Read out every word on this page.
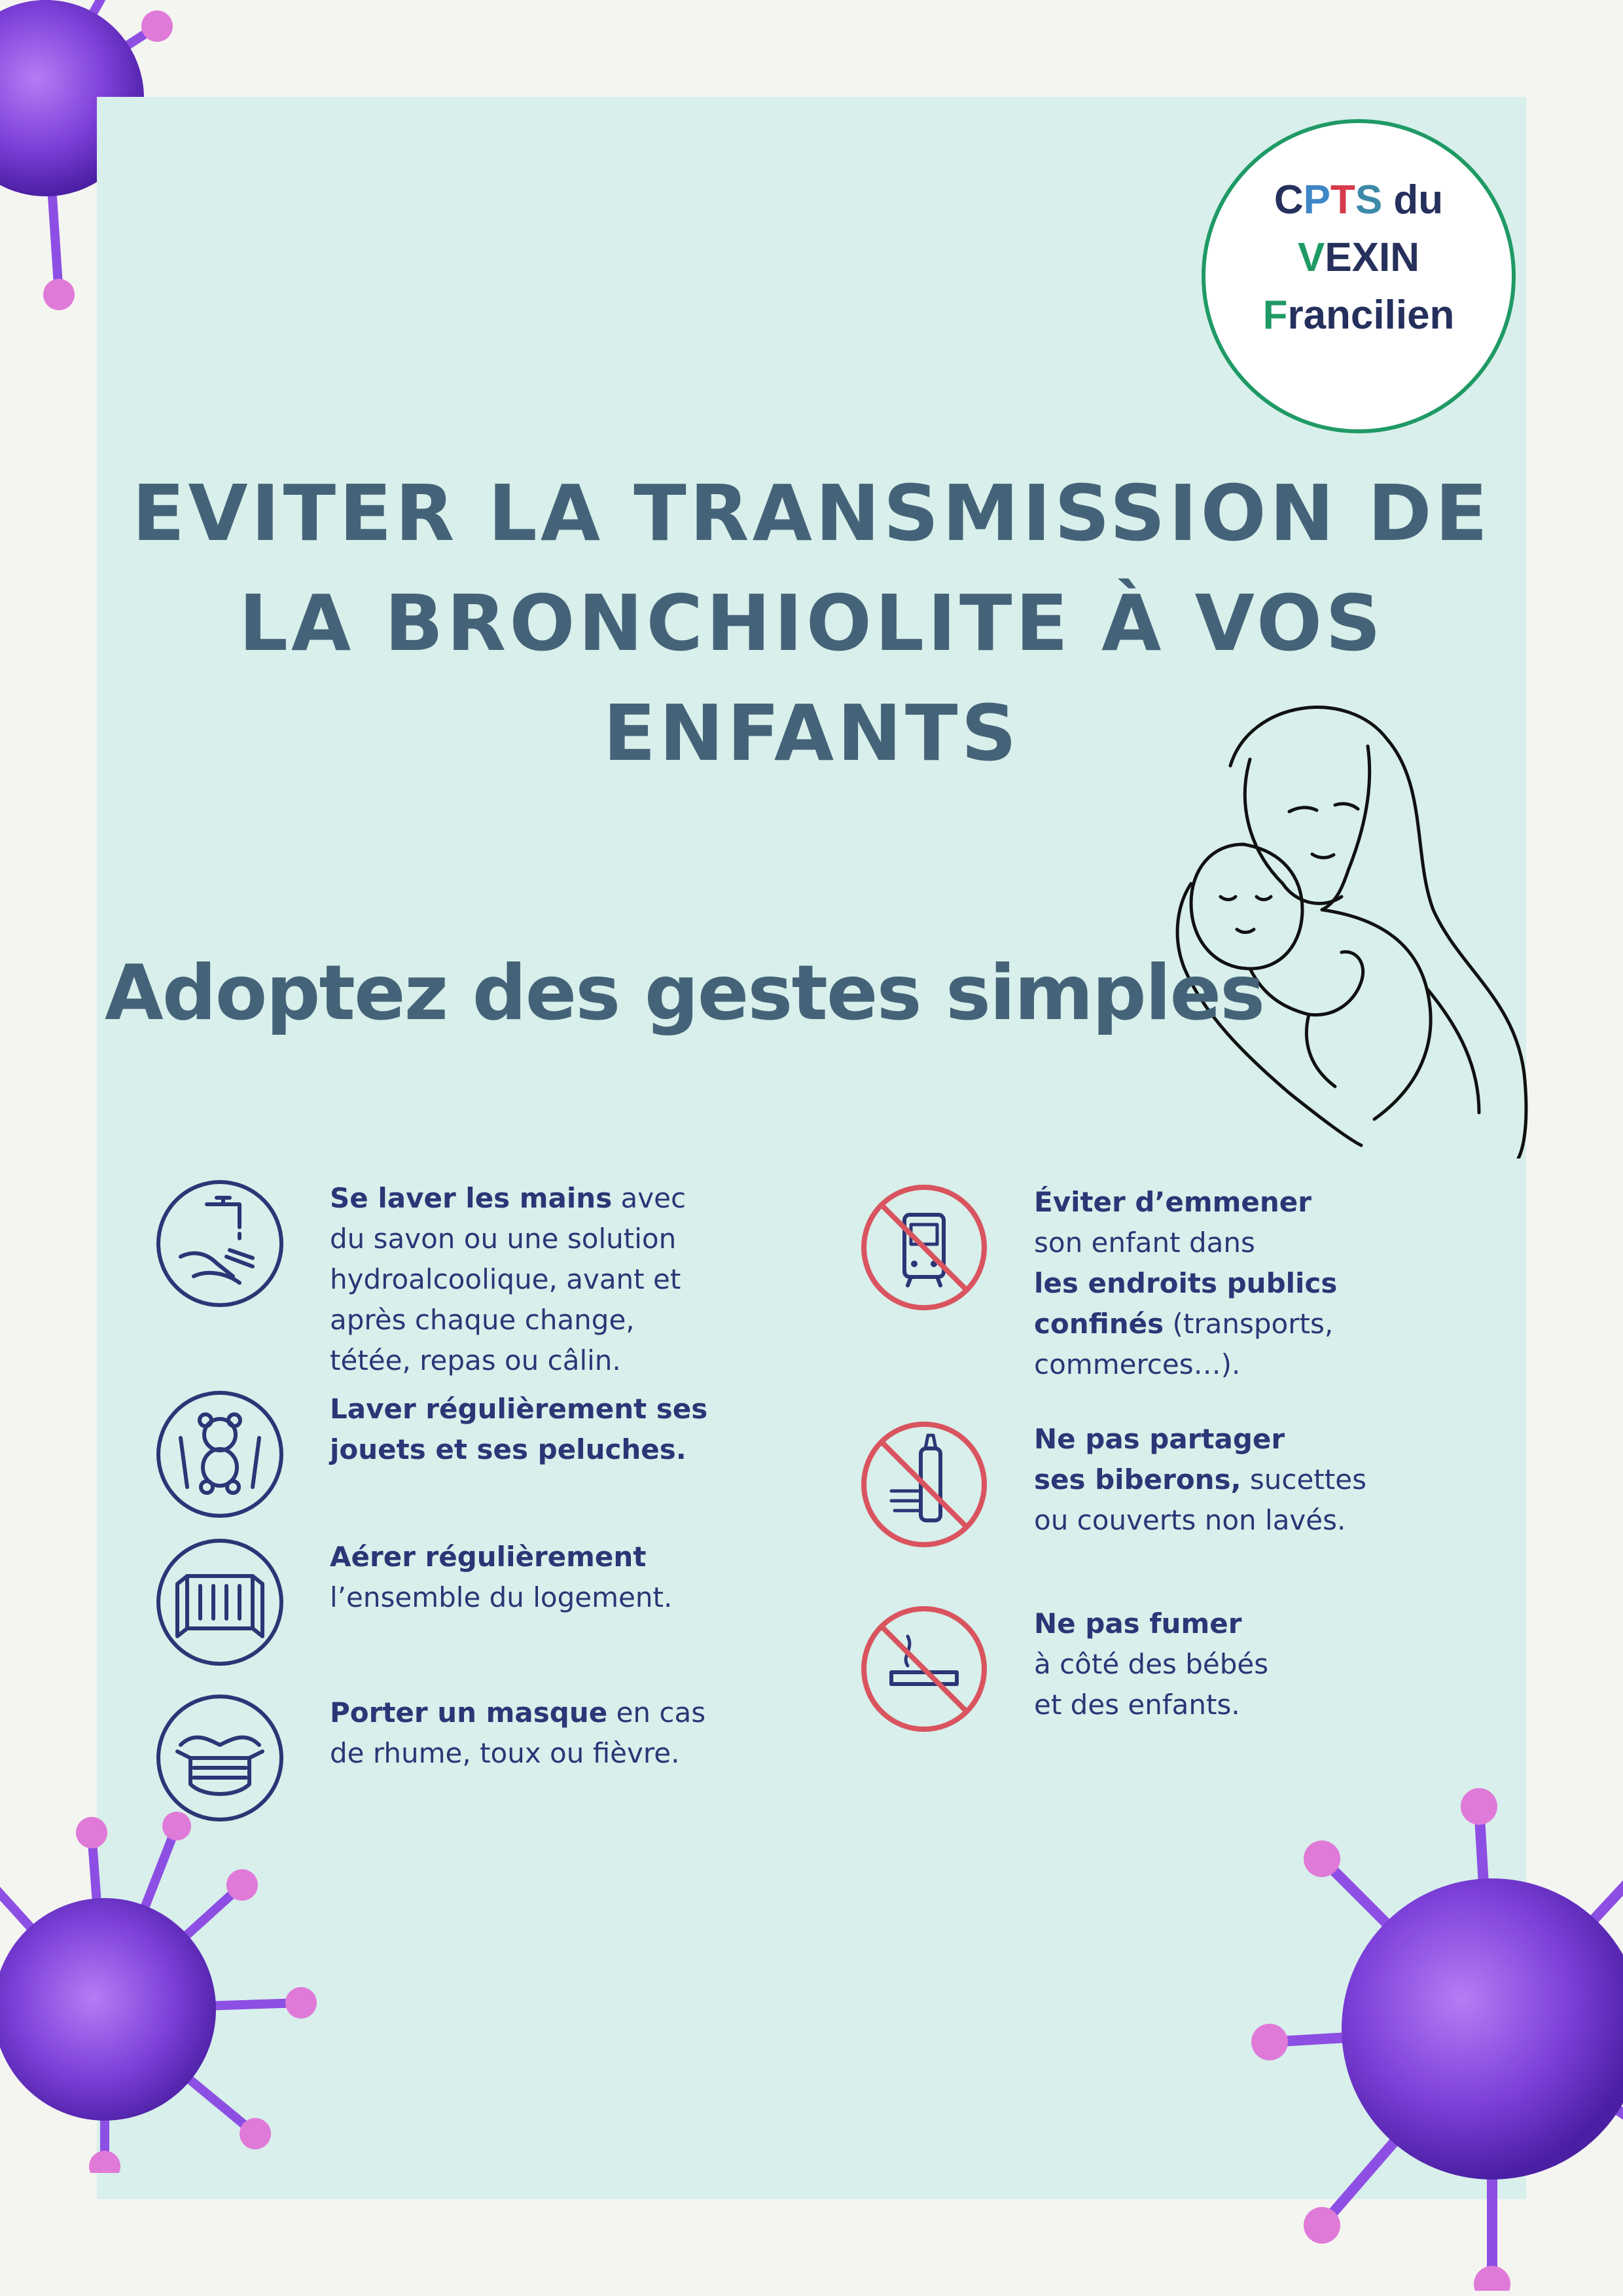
CPTS du
VEXIN
Francilien
EVITER LA TRANSMISSION DE
LA BRONCHIOLITE À VOS
ENFANTS
Adoptez des gestes simples
Se laver les mains avec
du savon ou une solution
hydroalcoolique, avant et
après chaque change,
tétée, repas ou câlin.
Laver régulièrement ses
jouets et ses peluches.
Aérer régulièrement
l’ensemble du logement.
Porter un masque en cas
de rhume, toux ou fièvre.
Éviter d’emmener
son enfant dans
les endroits publics
confinés (transports,
commerces…).
Ne pas partager
ses biberons, sucettes
ou couverts non lavés.
Ne pas fumer
à côté des bébés
et des enfants.
